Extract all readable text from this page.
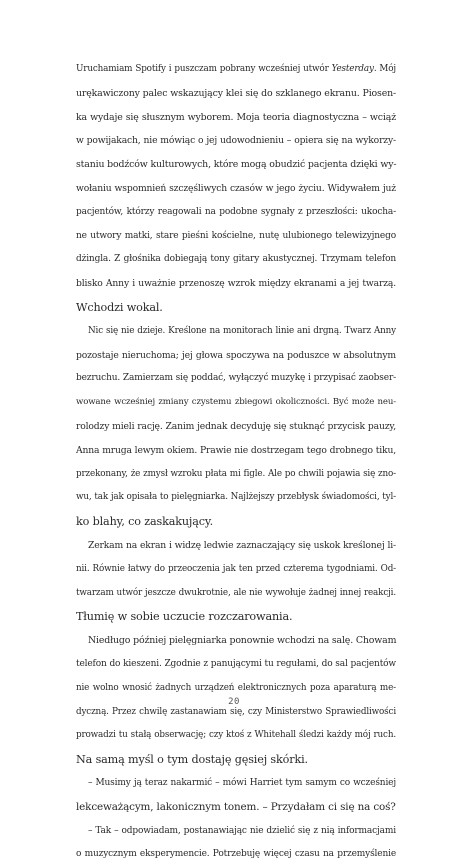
Uruchamiam Spotify i puszczam pobrany wcześniej utwór Yesterday. Mój
urękawiczony palec wskazujący klei się do szklanego ekranu. Piosen-
ka wydaje się słusznym wyborem. Moja teoria diagnostyczna – wciąż
w powijakach, nie mówiąc o jej udowodnieniu – opiera się na wykorzy-
staniu bodźców kulturowych, które mogą obudzić pacjenta dzięki wy-
wołaniu wspomnień szczęśliwych czasów w jego życiu. Widywałem już
pacjentów, którzy reagowali na podobne sygnały z przeszłości: ukocha-
ne utwory matki, stare pieśni kościelne, nutę ulubionego telewizyjnego
dżingla. Z głośnika dobiegają tony gitary akustycznej. Trzymam telefon
blisko Anny i uważnie przenoszę wzrok między ekranami a jej twarzą.
Wchodzi wokal.
Nic się nie dzieje. Kreślone na monitorach linie ani drgną. Twarz Anny
pozostaje nieruchoma; jej głowa spoczywa na poduszce w absolutnym
bezruchu. Zamierzam się poddać, wyłączyć muzykę i przypisać zaobser-
wowane wcześniej zmiany czystemu zbiegowi okoliczności. Być może neu-
rolodzy mieli rację. Zanim jednak decyduję się stuknąć przycisk pauzy,
Anna mruga lewym okiem. Prawie nie dostrzegam tego drobnego tiku,
przekonany, że zmysł wzroku płata mi figle. Ale po chwili pojawia się zno-
wu, tak jak opisała to pielęgniarka. Najlżejszy przebłysk świadomości, tyl-
ko blahy, co zaskakujący.
Zerkam na ekran i widzę ledwie zaznaczający się uskok kreślonej li-
nii. Równie łatwy do przeoczenia jak ten przed czterema tygodniami. Od-
twarzam utwór jeszcze dwukrotnie, ale nie wywołuje żadnej innej reakcji.
Tłumię w sobie uczucie rozczarowania.
Niedługo później pielęgniarka ponownie wchodzi na salę. Chowam
telefon do kieszeni. Zgodnie z panującymi tu regułami, do sal pacjentów
nie wolno wnosić żadnych urządzeń elektronicznych poza aparaturą me-
dyczną. Przez chwilę zastanawiam się, czy Ministerstwo Sprawiedliwości
prowadzi tu stałą obserwację; czy ktoś z Whitehall śledzi każdy mój ruch.
Na samą myśl o tym dostaję gęsiej skórki.
– Musimy ją teraz nakarmić – mówi Harriet tym samym co wcześniej
lekceważącym, lakonicznym tonem. – Przydałam ci się na coś?
– Tak – odpowiadam, postanawiając nie dzielić się z nią informacjami
o muzycznym eksperymencie. Potrzebuję więcej czasu na przemyślenie
20
